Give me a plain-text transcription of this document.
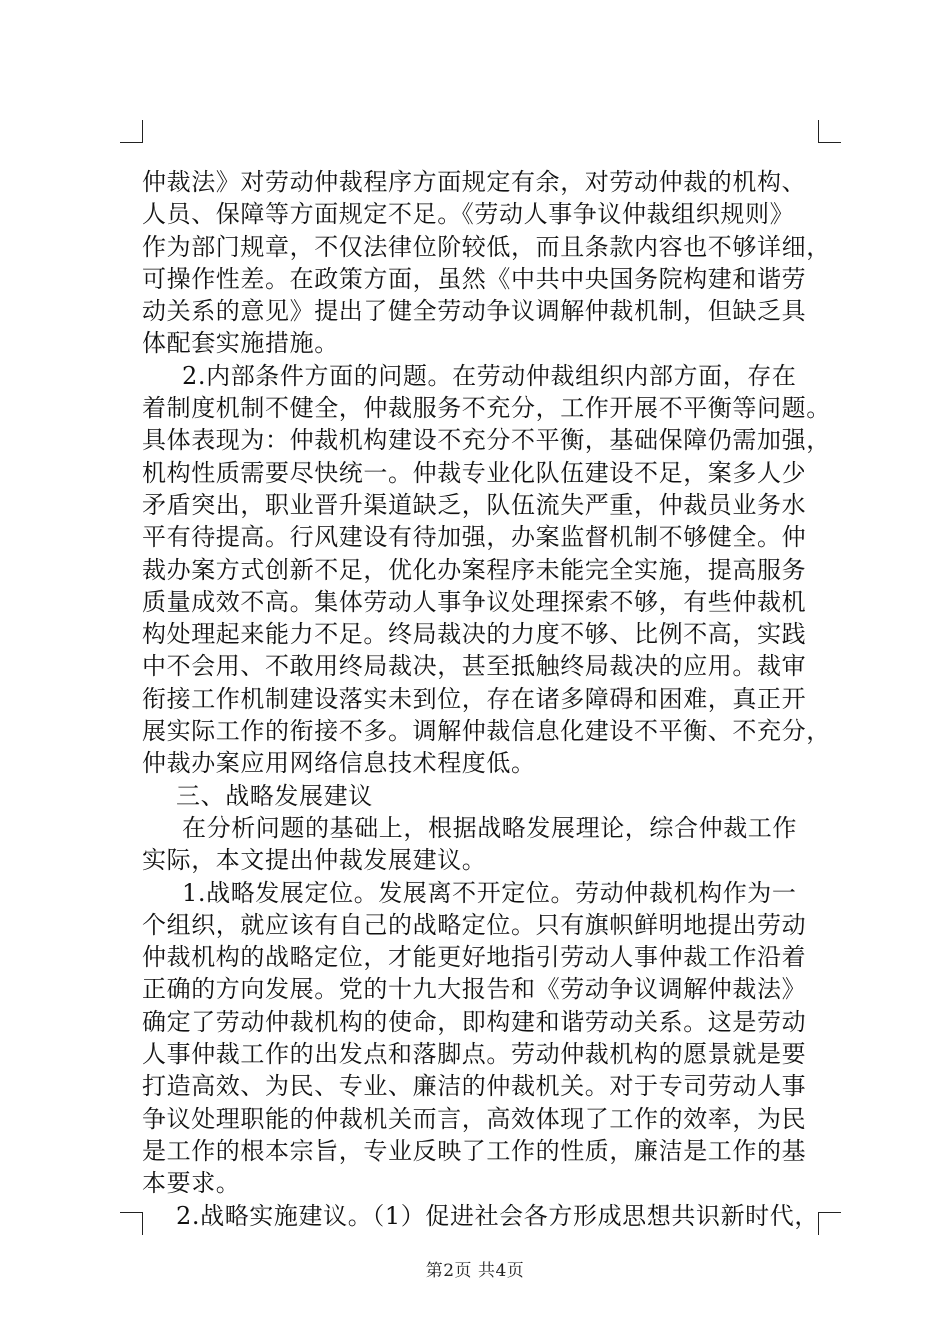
仲裁法》对劳动仲裁程序方面规定有余，对劳动仲裁的机构、
人员、保障等方面规定不足。《劳动人事争议仲裁组织规则》
作为部门规章，不仅法律位阶较低，而且条款内容也不够详细，
可操作性差。在政策方面，虽然《中共中央国务院构建和谐劳
动关系的意见》提出了健全劳动争议调解仲裁机制，但缺乏具
体配套实施措施。
2.内部条件方面的问题。在劳动仲裁组织内部方面，存在
着制度机制不健全，仲裁服务不充分，工作开展不平衡等问题。
具体表现为：仲裁机构建设不充分不平衡，基础保障仍需加强，
机构性质需要尽快统一。仲裁专业化队伍建设不足，案多人少
矛盾突出，职业晋升渠道缺乏，队伍流失严重，仲裁员业务水
平有待提高。行风建设有待加强，办案监督机制不够健全。仲
裁办案方式创新不足，优化办案程序未能完全实施，提高服务
质量成效不高。集体劳动人事争议处理探索不够，有些仲裁机
构处理起来能力不足。终局裁决的力度不够、比例不高，实践
中不会用、不敢用终局裁决，甚至抵触终局裁决的应用。裁审
衔接工作机制建设落实未到位，存在诸多障碍和困难，真正开
展实际工作的衔接不多。调解仲裁信息化建设不平衡、不充分，
仲裁办案应用网络信息技术程度低。
三、战略发展建议
在分析问题的基础上，根据战略发展理论，综合仲裁工作
实际，本文提出仲裁发展建议。
1.战略发展定位。发展离不开定位。劳动仲裁机构作为一
个组织，就应该有自己的战略定位。只有旗帜鲜明地提出劳动
仲裁机构的战略定位，才能更好地指引劳动人事仲裁工作沿着
正确的方向发展。党的十九大报告和《劳动争议调解仲裁法》
确定了劳动仲裁机构的使命，即构建和谐劳动关系。这是劳动
人事仲裁工作的出发点和落脚点。劳动仲裁机构的愿景就是要
打造高效、为民、专业、廉洁的仲裁机关。对于专司劳动人事
争议处理职能的仲裁机关而言，高效体现了工作的效率，为民
是工作的根本宗旨，专业反映了工作的性质，廉洁是工作的基
本要求。
2.战略实施建议。（1）促进社会各方形成思想共识新时代，
第2页 共4页
